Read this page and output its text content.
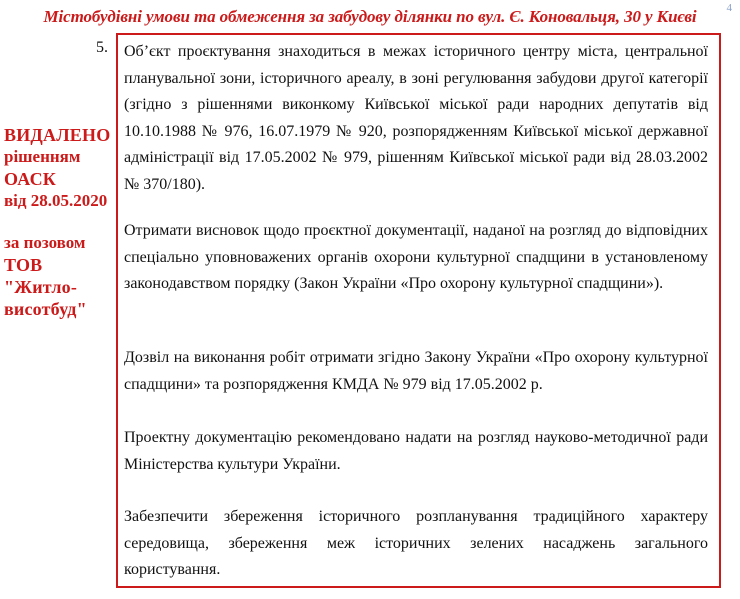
4
Містобудівні умови та обмеження за забудову ділянки по вул. Є. Коновальця, 30 у Києві
5.
ВИДАЛЕНО
рішенням
ОАСК
від 28.05.2020
за позовом
ТОВ
"Житло-
висотбуд"
Об’єкт проєктування знаходиться в межах історичного центру міста, центральної планувальної зони, історичного ареалу, в зоні регулювання забудови другої категорії (згідно з рішеннями виконкому Київської міської ради народних депутатів від 10.10.1988 № 976, 16.07.1979 № 920, розпорядженням Київської міської державної адміністрації від 17.05.2002 № 979, рішенням Київської міської ради від 28.03.2002 № 370/180).
Отримати висновок щодо проєктної документації, наданої на розгляд до відповідних спеціально уповноважених органів охорони культурної спадщини в установленому законодавством порядку (Закон України «Про охорону культурної спадщини»).
Дозвіл на виконання робіт отримати згідно Закону України «Про охорону культурної спадщини» та розпорядження КМДА № 979 від 17.05.2002 р.
Проектну документацію рекомендовано надати на розгляд науково-методичної ради Міністерства культури України.
Забезпечити збереження історичного розпланування традиційного характеру середовища, збереження меж історичних зелених насаджень загального користування.
